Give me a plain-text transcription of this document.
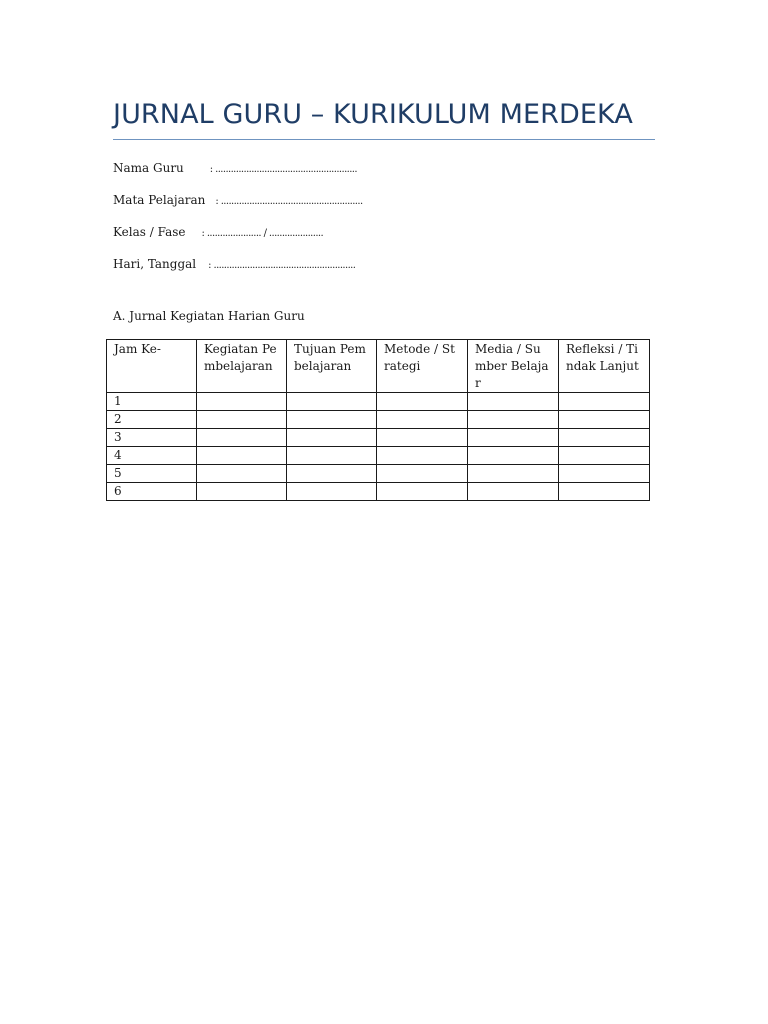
JURNAL GURU – KURIKULUM MERDEKA
Nama Guru	: .......................................................
Mata Pelajaran : .......................................................
Kelas / Fase : ..................... / .....................
Hari, Tanggal : .......................................................
A. Jurnal Kegiatan Harian Guru
Jam Ke-	Kegiatan Pembelajaran	Tujuan Pembelajaran	Metode / Strategi	Media / Sumber Belajar	Refleksi / Tindak Lanjut
1					
2					
3					
4					
5					
6					
